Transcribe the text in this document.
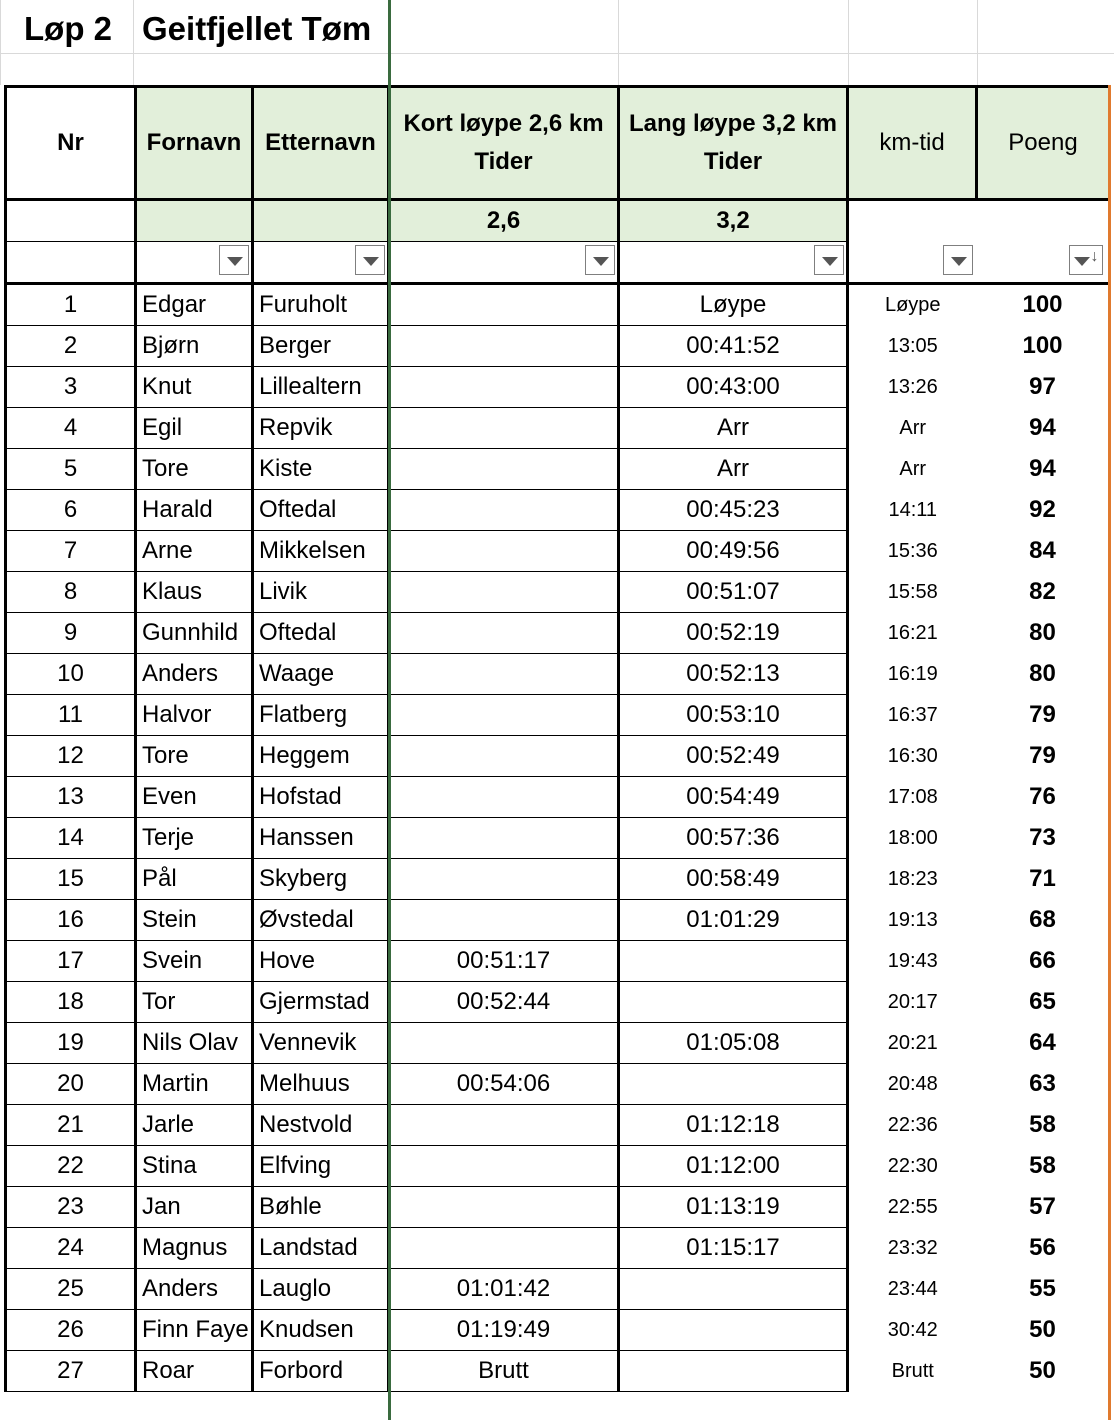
Løp 2 Geitfjellet Tøm
Nr	Fornavn	Etternavn	Kort løype 2,6 km
Tider	Lang løype 3,2 km
Tider	km-tid	Poeng
			2,6	3,2		

						↓

1	Edgar	Furuholt		Løype	Løype	100
2	Bjørn	Berger		00:41:52	13:05	100
3	Knut	Lillealtern		00:43:00	13:26	97
4	Egil	Repvik		Arr	Arr	94
5	Tore	Kiste		Arr	Arr	94
6	Harald	Oftedal		00:45:23	14:11	92
7	Arne	Mikkelsen		00:49:56	15:36	84
8	Klaus	Livik		00:51:07	15:58	82
9	Gunnhild	Oftedal		00:52:19	16:21	80
10	Anders	Waage		00:52:13	16:19	80
11	Halvor	Flatberg		00:53:10	16:37	79
12	Tore	Heggem		00:52:49	16:30	79
13	Even	Hofstad		00:54:49	17:08	76
14	Terje	Hanssen		00:57:36	18:00	73
15	Pål	Skyberg		00:58:49	18:23	71
16	Stein	Øvstedal		01:01:29	19:13	68
17	Svein	Hove	00:51:17		19:43	66
18	Tor	Gjermstad	00:52:44		20:17	65
19	Nils Olav	Vennevik		01:05:08	20:21	64
20	Martin	Melhuus	00:54:06		20:48	63
21	Jarle	Nestvold		01:12:18	22:36	58
22	Stina	Elfving		01:12:00	22:30	58
23	Jan	Bøhle		01:13:19	22:55	57
24	Magnus	Landstad		01:15:17	23:32	56
25	Anders	Lauglo	01:01:42		23:44	55
26	Finn Faye	Knudsen	01:19:49		30:42	50
27	Roar	Forbord	Brutt		Brutt	50
